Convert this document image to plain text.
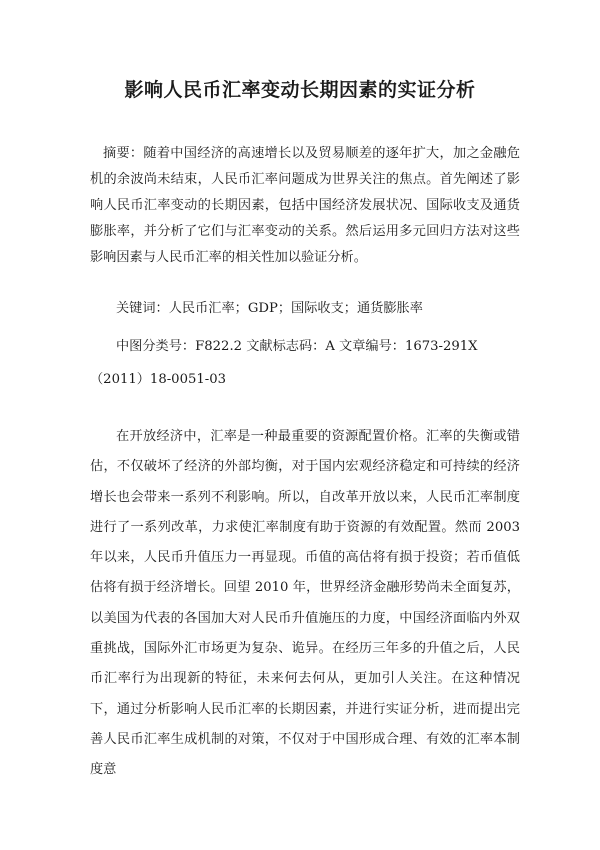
影响人民币汇率变动长期因素的实证分析

摘要：随着中国经济的高速增长以及贸易顺差的逐年扩大，加之金融危机的余波尚未结束，人民币汇率问题成为世界关注的焦点。首先阐述了影响人民币汇率变动的长期因素，包括中国经济发展状况、国际收支及通货膨胀率，并分析了它们与汇率变动的关系。然后运用多元回归方法对这些影响因素与人民币汇率的相关性加以验证分析。

关键词：人民币汇率；GDP；国际收支；通货膨胀率

中图分类号：F822.2 文献标志码：A 文章编号：1673-291X（2011）18-0051-03

在开放经济中，汇率是一种最重要的资源配置价格。汇率的失衡或错估，不仅破坏了经济的外部均衡，对于国内宏观经济稳定和可持续的经济增长也会带来一系列不利影响。所以，自改革开放以来，人民币汇率制度进行了一系列改革，力求使汇率制度有助于资源的有效配置。然而 2003 年以来，人民币升值压力一再显现。币值的高估将有损于投资；若币值低估将有损于经济增长。回望 2010 年，世界经济金融形势尚未全面复苏，以美国为代表的各国加大对人民币升值施压的力度，中国经济面临内外双重挑战，国际外汇市场更为复杂、诡异。在经历三年多的升值之后，人民币汇率行为出现新的特征，未来何去何从，更加引人关注。在这种情况下，通过分析影响人民币汇率的长期因素，并进行实证分析，进而提出完善人民币汇率生成机制的对策，不仅对于中国形成合理、有效的汇率本制度意
